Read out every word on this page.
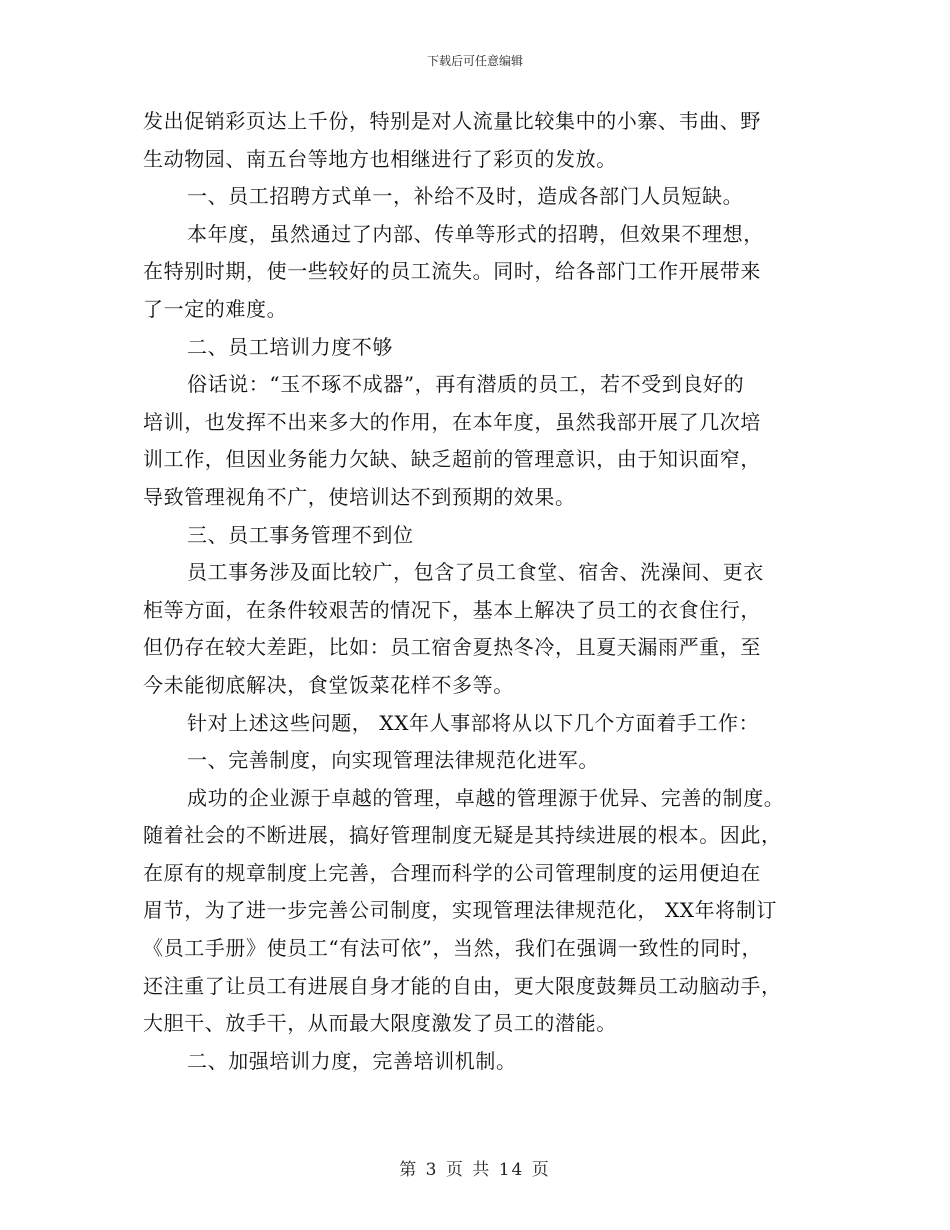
下载后可任意编辑
发出促销彩页达上千份，特别是对人流量比较集中的小寨、韦曲、野
生动物园、南五台等地方也相继进行了彩页的发放。
一、员工招聘方式单一，补给不及时，造成各部门人员短缺。
本年度，虽然通过了内部、传单等形式的招聘，但效果不理想，
在特别时期，使一些较好的员工流失。同时，给各部门工作开展带来
了一定的难度。
二、员工培训力度不够
俗话说：“玉不琢不成器”，再有潜质的员工，若不受到良好的
培训，也发挥不出来多大的作用，在本年度，虽然我部开展了几次培
训工作，但因业务能力欠缺、缺乏超前的管理意识，由于知识面窄，
导致管理视角不广，使培训达不到预期的效果。
三、员工事务管理不到位
员工事务涉及面比较广，包含了员工食堂、宿舍、洗澡间、更衣
柜等方面，在条件较艰苦的情况下，基本上解决了员工的衣食住行，
但仍存在较大差距，比如：员工宿舍夏热冬冷，且夏天漏雨严重，至
今未能彻底解决，食堂饭菜花样不多等。
针对上述这些问题， XX年人事部将从以下几个方面着手工作：
一、完善制度，向实现管理法律规范化进军。
成功的企业源于卓越的管理，卓越的管理源于优异、完善的制度。
随着社会的不断进展，搞好管理制度无疑是其持续进展的根本。因此，
在原有的规章制度上完善，合理而科学的公司管理制度的运用便迫在
眉节，为了进一步完善公司制度，实现管理法律规范化， XX年将制订
《员工手册》使员工“有法可依”，当然，我们在强调一致性的同时，
还注重了让员工有进展自身才能的自由，更大限度鼓舞员工动脑动手，
大胆干、放手干，从而最大限度激发了员工的潜能。
二、加强培训力度，完善培训机制。
第 3 页 共 14 页
